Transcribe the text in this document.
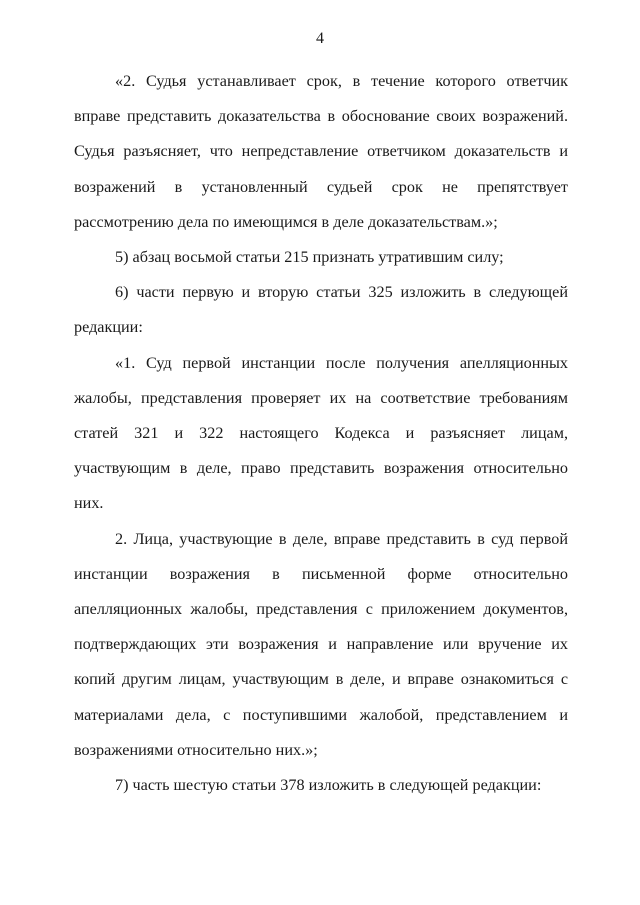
4

«2. Судья устанавливает срок, в течение которого ответчик вправе представить доказательства в обоснование своих возражений. Судья разъясняет, что непредставление ответчиком доказательств и возражений в установленный судьей срок не препятствует рассмотрению дела по имеющимся в деле доказательствам.»;

5) абзац восьмой статьи 215 признать утратившим силу;

6) части первую и вторую статьи 325 изложить в следующей редакции:

«1. Суд первой инстанции после получения апелляционных жалобы, представления проверяет их на соответствие требованиям статей 321 и 322 настоящего Кодекса и разъясняет лицам, участвующим в деле, право представить возражения относительно них.

2. Лица, участвующие в деле, вправе представить в суд первой инстанции возражения в письменной форме относительно апелляционных жалобы, представления с приложением документов, подтверждающих эти возражения и направление или вручение их копий другим лицам, участвующим в деле, и вправе ознакомиться с материалами дела, с поступившими жалобой, представлением и возражениями относительно них.»;

7) часть шестую статьи 378 изложить в следующей редакции:
